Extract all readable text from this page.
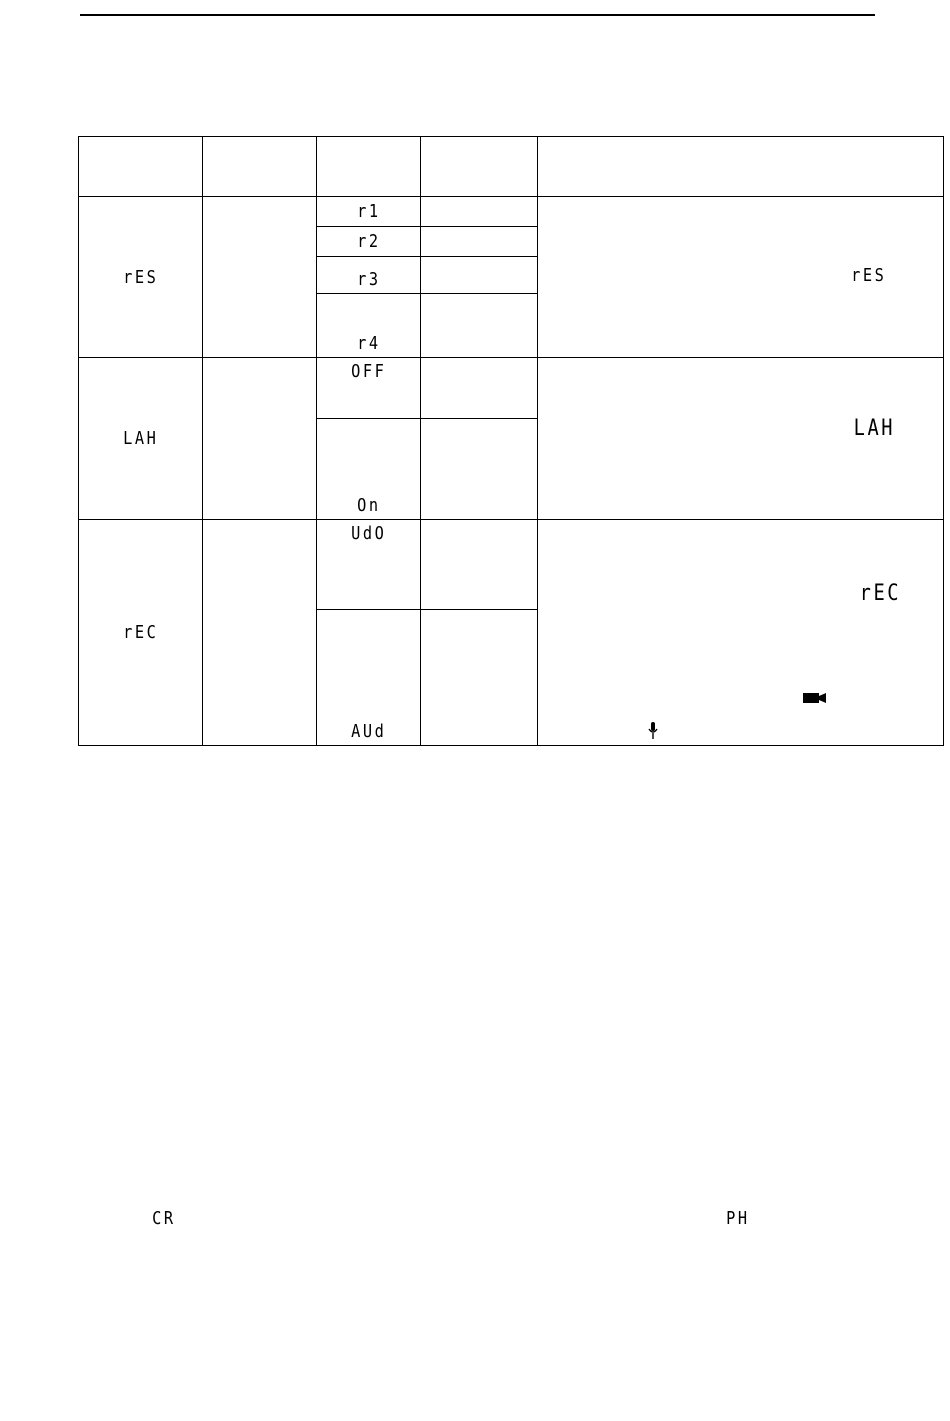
rES		r1		rES

		r2		
		r3		
		r4		
LAH		OFF		LAH

		On		
rEC		UdO		rEC

		AUd		
CR	PH
